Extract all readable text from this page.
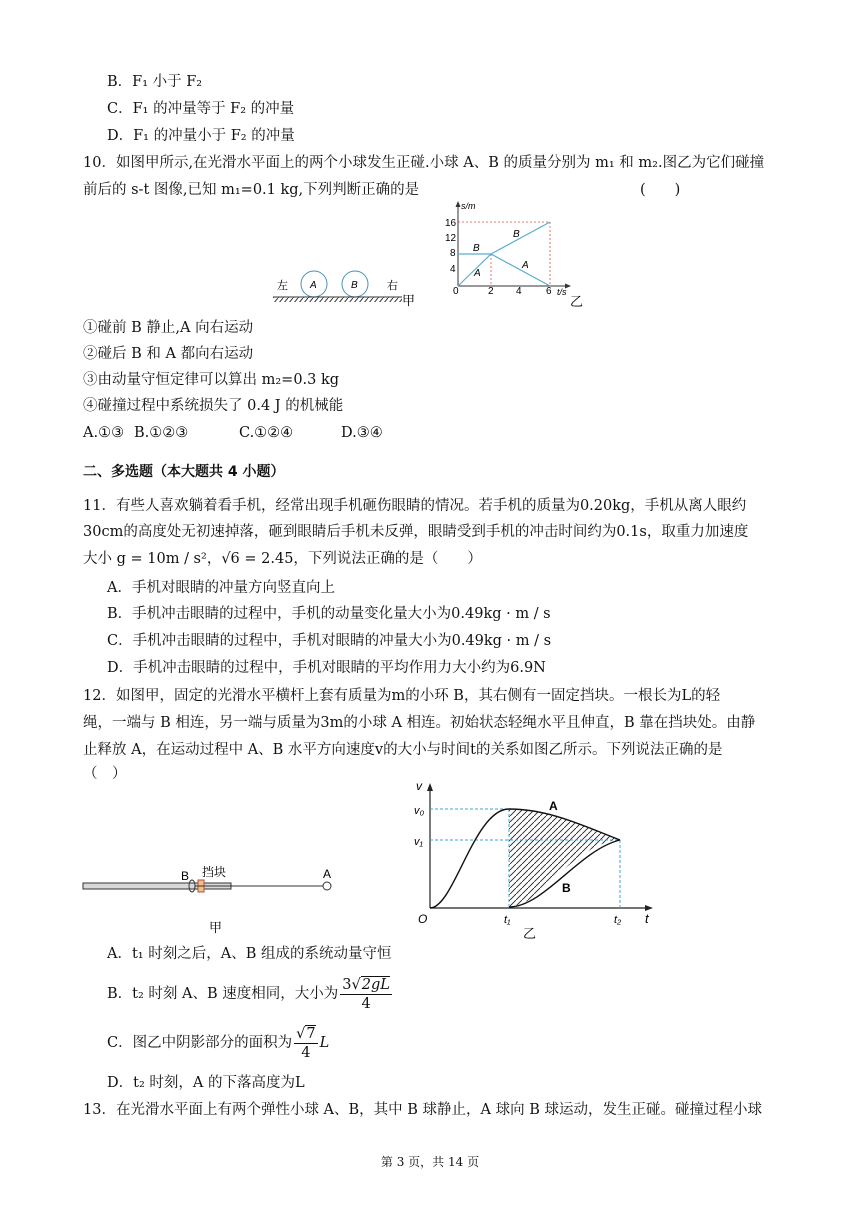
B．F₁ 小于 F₂
C．F₁ 的冲量等于 F₂ 的冲量
D．F₁ 的冲量小于 F₂ 的冲量
10．如图甲所示,在光滑水平面上的两个小球发生正碰.小球 A、B 的质量分别为 m₁ 和 m₂.图乙为它们碰撞
前后的 s-t 图像,已知 m₁=0.1 kg,下列判断正确的是	(　　)
左 A	B	右
甲
s/m
t/s
16
12
8
4
0	2 4 6
B
A
B
A
乙
①碰前 B 静止,A 向右运动
②碰后 B 和 A 都向右运动
③由动量守恒定律可以算出 m₂=0.3 kg
④碰撞过程中系统损失了 0.4 J 的机械能
A.①③ B.①②③	C.①②④	D.③④
二、多选题（本大题共 4 小题）
11．有些人喜欢躺着看手机，经常出现手机砸伤眼睛的情况。若手机的质量为0.20kg，手机从离人眼约
30cm的高度处无初速掉落，砸到眼睛后手机未反弹，眼睛受到手机的冲击时间约为0.1s，取重力加速度
大小 g = 10m / s²，√6 = 2.45，下列说法正确的是（　　）
A．手机对眼睛的冲量方向竖直向上
B．手机冲击眼睛的过程中，手机的动量变化量大小为0.49kg · m / s
C．手机冲击眼睛的过程中，手机对眼睛的冲量大小为0.49kg · m / s
D．手机冲击眼睛的过程中，手机对眼睛的平均作用力大小约为6.9N
12．如图甲，固定的光滑水平横杆上套有质量为m的小环 B，其右侧有一固定挡块。一根长为L的轻
绳，一端与 B 相连，另一端与质量为3m的小球 A 相连。初始状态轻绳水平且伸直，B 靠在挡块处。由静
止释放 A，在运动过程中 A、B 水平方向速度v的大小与时间t的关系如图乙所示。下列说法正确的是
（　）
B 挡块	A
甲
v
v₀
v₁
O	t₁	t₂ t
A
B
乙
A．t₁ 时刻之后，A、B 组成的系统动量守恒
B．t₂ 时刻 A、B 速度相同，大小为 $\frac{3√2gL}{4}$
C．图乙中阴影部分的面积为 $\frac{√7}{4}$ L
D．t₂ 时刻，A 的下落高度为L
13．在光滑水平面上有两个弹性小球 A、B，其中 B 球静止，A 球向 B 球运动，发生正碰。碰撞过程小球
第 3 页，共 14 页
